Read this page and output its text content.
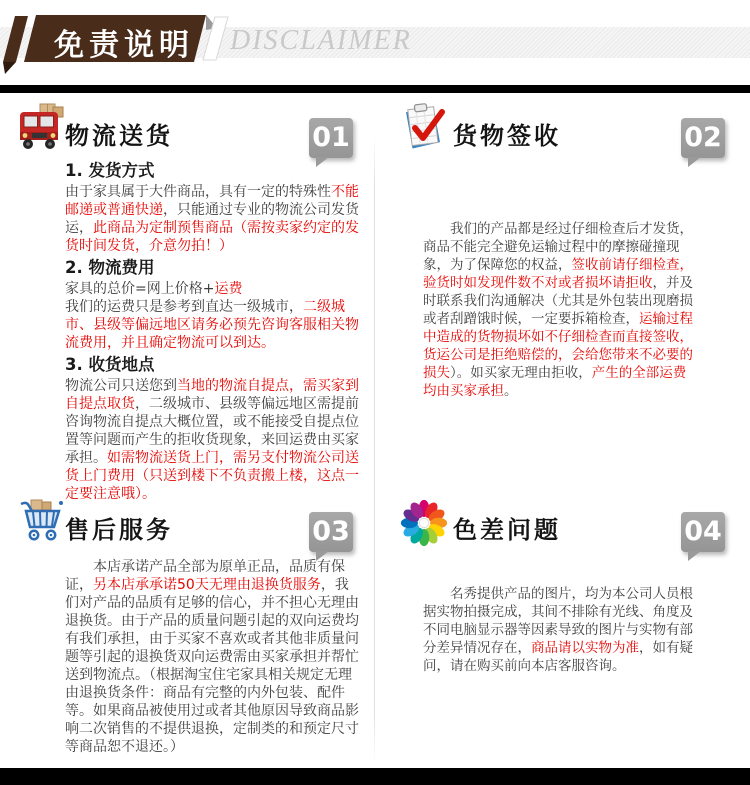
免责说明 DISCLAIMER
物流送货	01
1. 发货方式

由于家具属于大件商品，具有一定的特殊性不能邮递或普通快递，只能通过专业的物流公司发货运，此商品为定制预售商品（需按卖家约定的发货时间发货，介意勿拍！）

2. 物流费用

家具的总价=网上价格+运费

我们的运费只是参考到直达一级城市，二级城市、县级等偏远地区请务必预先咨询客服相关物流费用，并且确定物流可以到达。

3. 收货地点

物流公司只送您到当地的物流自提点，需买家到自提点取货，二级城市、县级等偏远地区需提前咨询物流自提点大概位置，或不能接受自提点位置等问题而产生的拒收货现象，来回运费由买家承担。如需物流送货上门，需另支付物流公司送货上门费用（只送到楼下不负责搬上楼，这点一定要注意哦）。

货物签收	02

我们的产品都是经过仔细检查后才发货，商品不能完全避免运输过程中的摩擦碰撞现象，为了保障您的权益，签收前请仔细检查，验货时如发现件数不对或者损坏请拒收，并及时联系我们沟通解决（尤其是外包装出现磨损或者刮蹭饿时候，一定要拆箱检查，运输过程中造成的货物损坏如不仔细检查而直接签收，货运公司是拒绝赔偿的，会给您带来不必要的损失）。如买家无理由拒收，产生的全部运费均由买家承担。

售后服务	03

本店承诺产品全部为原单正品，品质有保证，另本店承承诺50天无理由退换货服务，我们对产品的品质有足够的信心，并不担心无理由退换货。由于产品的质量问题引起的双向运费均有我们承担，由于买家不喜欢或者其他非质量问题等引起的退换货双向运费需由买家承担并帮忙送到物流点。（根据淘宝住宅家具相关规定无理由退换货条件：商品有完整的内外包装、配件等。如果商品被使用过或者其他原因导致商品影响二次销售的不提供退换，定制类的和预定尺寸等商品恕不退还。）

色差问题	04

名秀提供产品的图片，均为本公司人员根据实物拍摄完成，其间不排除有光线、角度及不同电脑显示器等因素导致的图片与实物有部分差异情况存在，商品请以实物为准，如有疑问，请在购买前向本店客服咨询。
